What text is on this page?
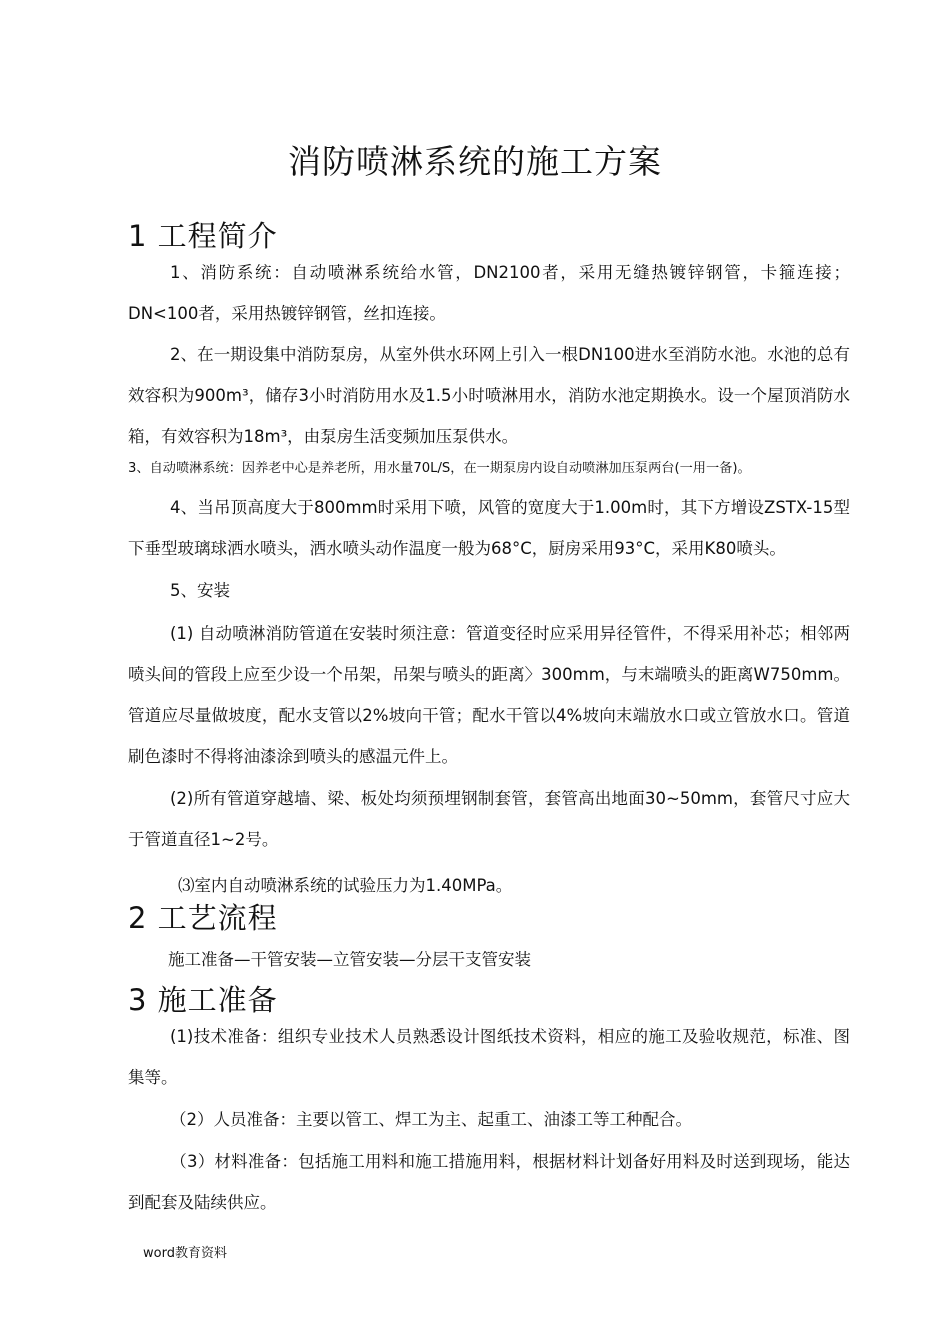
消防喷淋系统的施工方案
1 工程简介
1、消防系统：自动喷淋系统给水管，DN2100者，采用无缝热镀锌钢管，卡箍连接；DN<100者，采用热镀锌钢管，丝扣连接。
2、在一期设集中消防泵房，从室外供水环网上引入一根DN100进水至消防水池。水池的总有效容积为900m³，储存3小时消防用水及1.5小时喷淋用水，消防水池定期换水。设一个屋顶消防水箱，有效容积为18m³，由泵房生活变频加压泵供水。
3、自动喷淋系统：因养老中心是养老所，用水量70L/S，在一期泵房内设自动喷淋加压泵两台(一用一备)。
4、当吊顶高度大于800mm时采用下喷，风管的宽度大于1.00m时，其下方增设ZSTX-15型下垂型玻璃球洒水喷头，洒水喷头动作温度一般为68°C，厨房采用93°C，采用K80喷头。
5、安装
(1) 自动喷淋消防管道在安装时须注意：管道变径时应采用异径管件，不得采用补芯；相邻两喷头间的管段上应至少设一个吊架，吊架与喷头的距离〉300mm，与末端喷头的距离W750mm。管道应尽量做坡度，配水支管以2%坡向干管；配水干管以4%坡向末端放水口或立管放水口。管道刷色漆时不得将油漆涂到喷头的感温元件上。
(2)所有管道穿越墙、梁、板处均须预埋钢制套管，套管高出地面30~50mm，套管尺寸应大于管道直径1~2号。
⑶室内自动喷淋系统的试验压力为1.40MPa。
2 工艺流程
施工准备—干管安装—立管安装—分层干支管安装
3 施工准备
(1)技术准备：组织专业技术人员熟悉设计图纸技术资料，相应的施工及验收规范，标准、图集等。
（2）人员准备：主要以管工、焊工为主、起重工、油漆工等工种配合。
（3）材料准备：包括施工用料和施工措施用料，根据材料计划备好用料及时送到现场，能达到配套及陆续供应。
word教育资料
